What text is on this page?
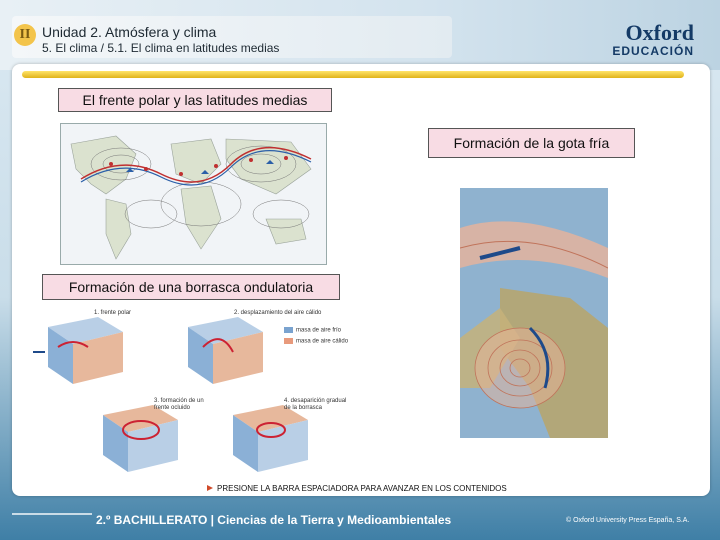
II Unidad 2. Atmósfera y clima
5. El clima / 5.1. El clima en latitudes medias
Oxford
EDUCACIÓN
El frente polar y las latitudes medias
Formación de la gota fría
Formación de una borrasca ondulatoria
1. frente polar	2. desplazamiento del aire cálido
3. formación de un frente ocluido
4. desaparición gradual de la borrasca
masa de aire frío
masa de aire cálido
PRESIONE LA BARRA ESPACIADORA PARA AVANZAR EN LOS CONTENIDOS
2.º BACHILLERATO | Ciencias de la Tierra y Medioambientales	© Oxford University Press España, S.A.
